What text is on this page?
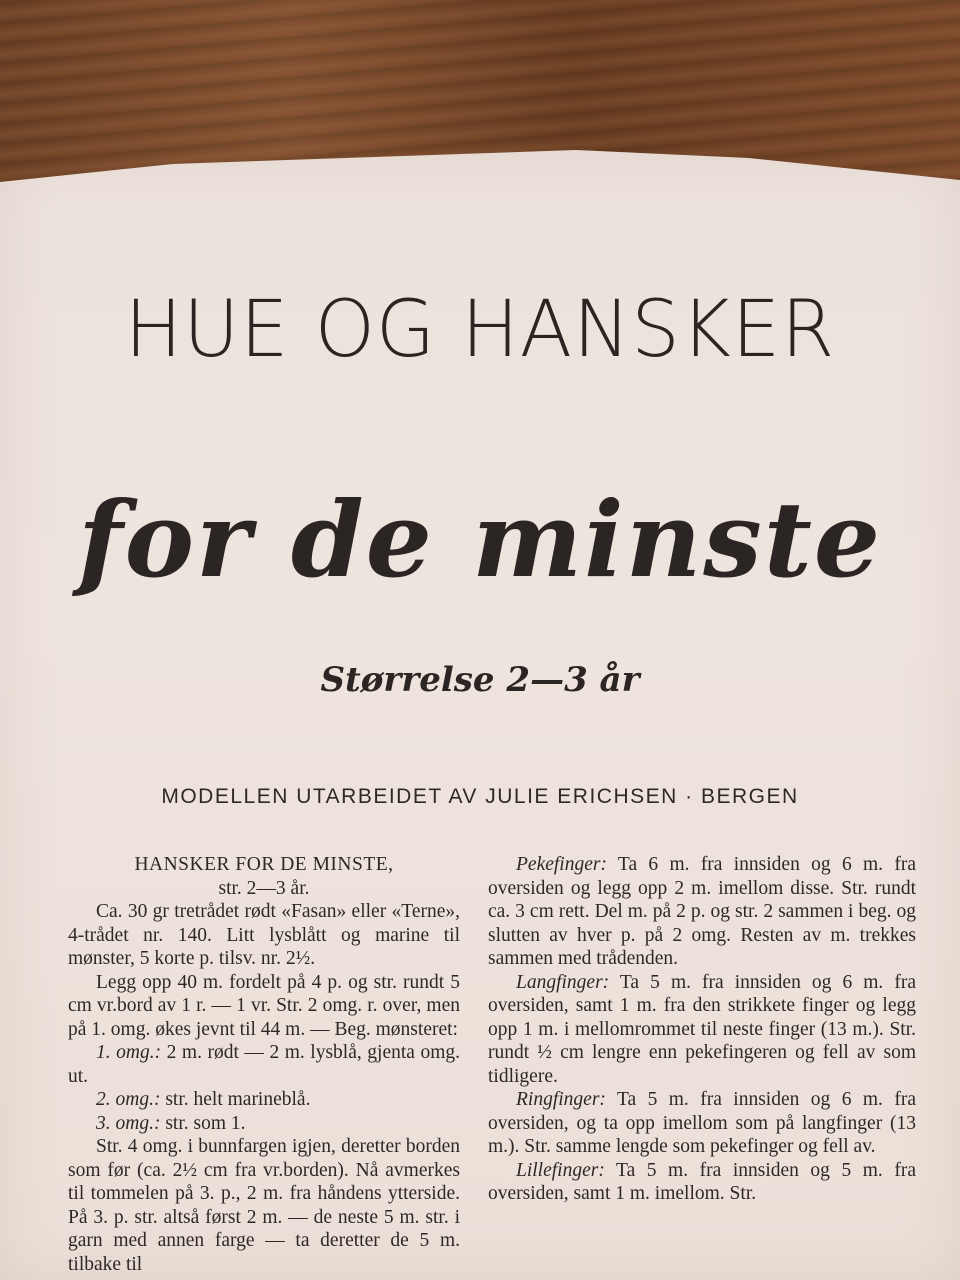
HUE OG HANSKER
for de minste
Størrelse 2—3 år
MODELLEN UTARBEIDET AV JULIE ERICHSEN · BERGEN

HANSKER FOR DE MINSTE,

str. 2—3 år.

Ca. 30 gr tretrådet rødt «Fasan» eller «Terne», 4-trådet nr. 140. Litt lysblått og marine til mønster, 5 korte p. tilsv. nr. 2½.

Legg opp 40 m. fordelt på 4 p. og str. rundt 5 cm vr.bord av 1 r. — 1 vr. Str. 2 omg. r. over, men på 1. omg. økes jevnt til 44 m. — Beg. mønsteret:

1. omg.: 2 m. rødt — 2 m. lysblå, gjenta omg. ut.

2. omg.: str. helt marineblå.

3. omg.: str. som 1.

Str. 4 omg. i bunnfargen igjen, deretter borden som før (ca. 2½ cm fra vr.borden). Nå avmerkes til tommelen på 3. p., 2 m. fra håndens ytterside. På 3. p. str. altså først 2 m. — de neste 5 m. str. i garn med annen farge — ta deretter de 5 m. tilbake til

Pekefinger: Ta 6 m. fra innsiden og 6 m. fra oversiden og legg opp 2 m. imellom disse. Str. rundt ca. 3 cm rett. Del m. på 2 p. og str. 2 sammen i beg. og slutten av hver p. på 2 omg. Resten av m. trekkes sammen med trådenden.

Langfinger: Ta 5 m. fra innsiden og 6 m. fra oversiden, samt 1 m. fra den strikkete finger og legg opp 1 m. i mellomrommet til neste finger (13 m.). Str. rundt ½ cm lengre enn pekefingeren og fell av som tidligere.

Ringfinger: Ta 5 m. fra innsiden og 6 m. fra oversiden, og ta opp imellom som på langfinger (13 m.). Str. samme lengde som pekefinger og fell av.

Lillefinger: Ta 5 m. fra innsiden og 5 m. fra oversiden, samt 1 m. imellom. Str.
